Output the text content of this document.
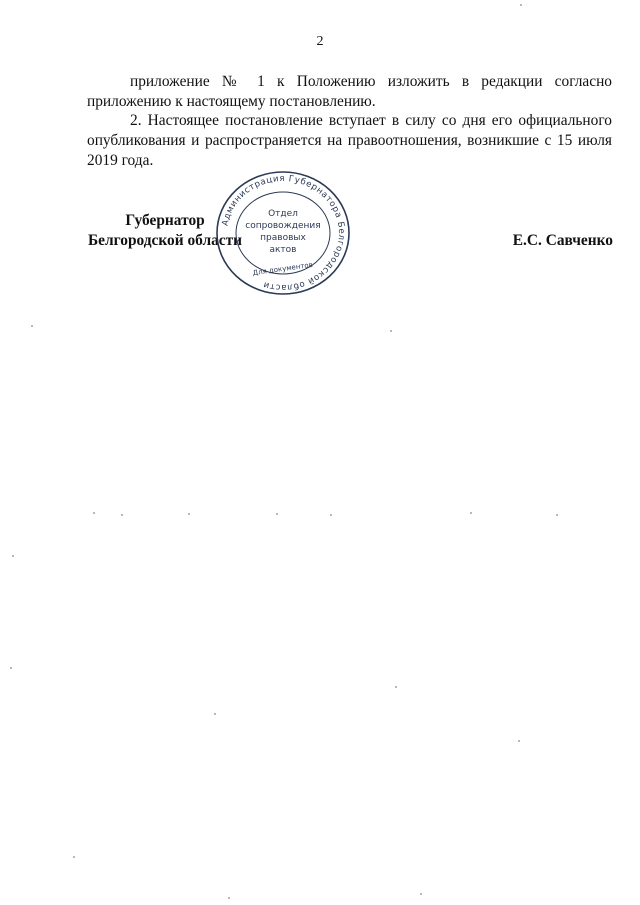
2

приложение № 1 к Положению изложить в редакции согласно приложению к настоящему постановлению.

2. Настоящее постановление вступает в силу со дня его официального опубликования и распространяется на правоотношения, возникшие с 15 июля 2019 года.

Губернатор
Белгородской области	Е.С. Савченко
Администрация Губернатора Белгородской области
Отдел
сопровождения
правовых
актов
Для документов
